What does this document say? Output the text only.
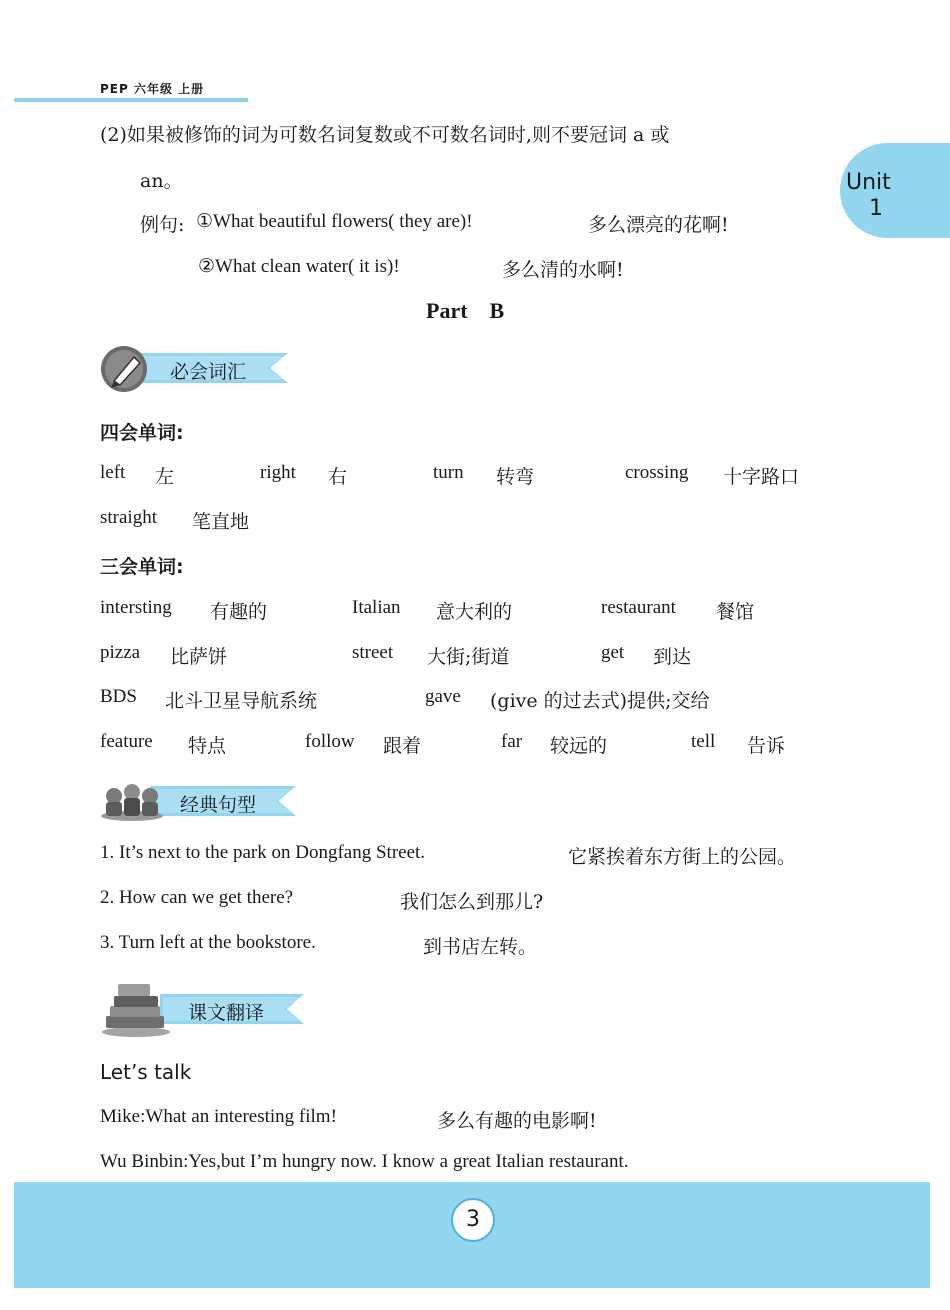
PEP 六年级 上册
Unit
1
(2)如果被修饰的词为可数名词复数或不可数名词时,则不要冠词 a 或
an。
例句: ①What beautiful flowers( they are)!	多么漂亮的花啊!
②What clean water( it is)!	多么清的水啊!
Part    B
必会词汇
四会单词:
left 左	right 右	turn 转弯	crossing 十字路口
straight 笔直地
三会单词:
intersting 有趣的	Italian 意大利的	restaurant 餐馆
pizza 比萨饼	street 大街;街道	get 到达
BDS 北斗卫星导航系统	gave (give 的过去式)提供;交给
feature 特点	follow 跟着	far 较远的	tell 告诉
经典句型
1. It’s next to the park on Dongfang Street.	它紧挨着东方街上的公园。
2. How can we get there?	我们怎么到那儿?
3. Turn left at the bookstore.	到书店左转。
课文翻译
Let’s talk
Mike:What an interesting film!	多么有趣的电影啊!
Wu Binbin:Yes,but I’m hungry now. I know a great Italian restaurant.
3
